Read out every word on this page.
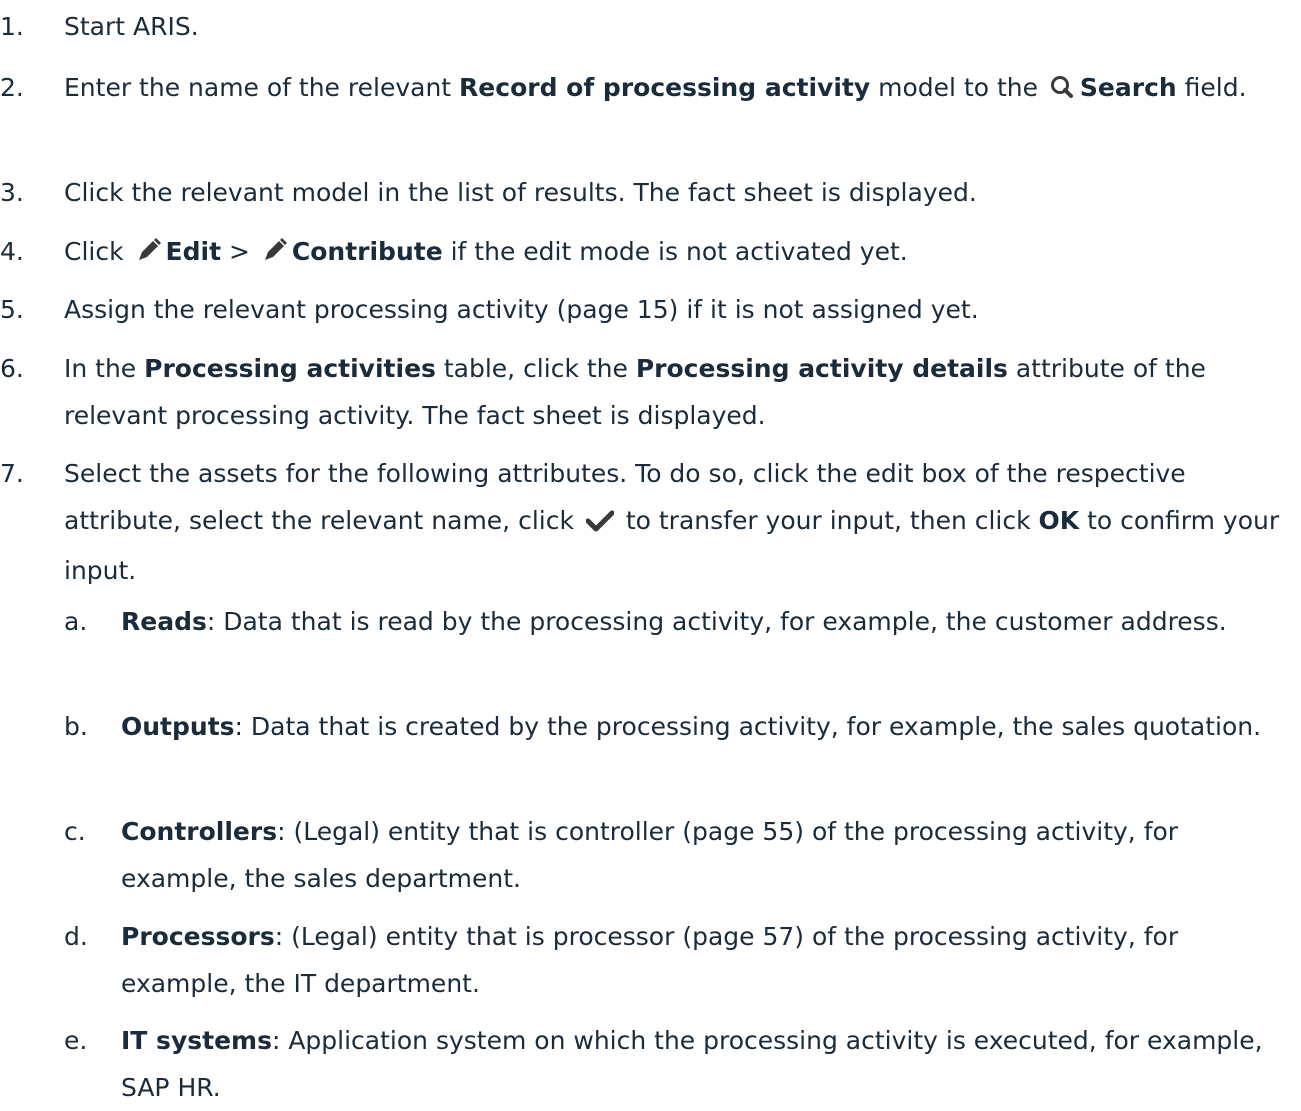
1. Start ARIS.
2. Enter the name of the relevant Record of processing activity model to the Search field.
3. Click the relevant model in the list of results. The fact sheet is displayed.
4. Click Edit > Contribute if the edit mode is not activated yet.
5. Assign the relevant processing activity (page 15) if it is not assigned yet.
6. In the Processing activities table, click the Processing activity details attribute of the relevant processing activity. The fact sheet is displayed.
7. Select the assets for the following attributes. To do so, click the edit box of the respective attribute, select the relevant name, click  to transfer your input, then click OK to confirm your input.
a. Reads: Data that is read by the processing activity, for example, the customer address.
b. Outputs: Data that is created by the processing activity, for example, the sales quotation.
c. Controllers: (Legal) entity that is controller (page 55) of the processing activity, for example, the sales department.
d. Processors: (Legal) entity that is processor (page 57) of the processing activity, for example, the IT department.
e. IT systems: Application system on which the processing activity is executed, for example, SAP HR.
